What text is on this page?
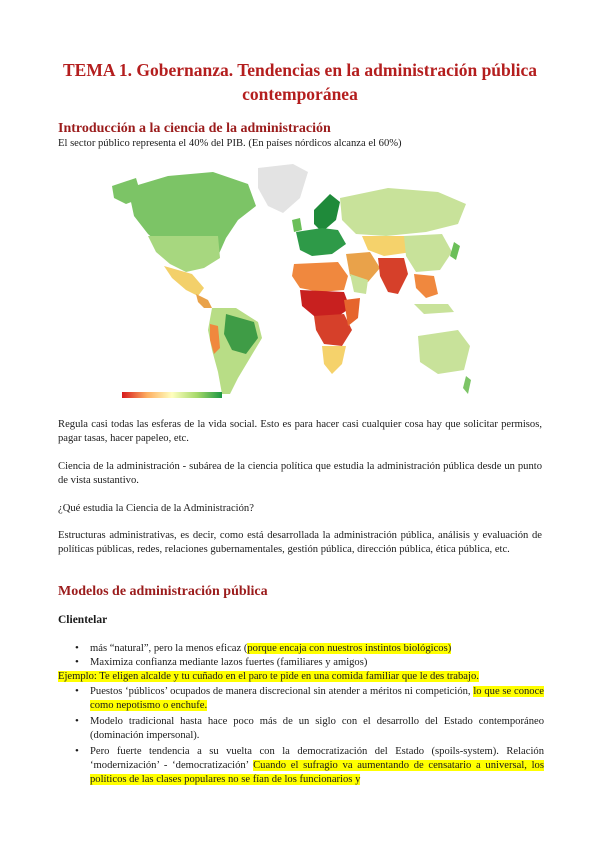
TEMA 1. Gobernanza. Tendencias en la administración pública contemporánea
Introducción a la ciencia de la administración
El sector público representa el 40% del PIB. (En países nórdicos alcanza el 60%)
Regula casi todas las esferas de la vida social. Esto es para hacer casi cualquier cosa hay que solicitar permisos, pagar tasas, hacer papeleo, etc.
Ciencia de la administración - subárea de la ciencia política que estudia la administración pública desde un punto de vista sustantivo.
¿Qué estudia la Ciencia de la Administración?
Estructuras administrativas, es decir, como está desarrollada la administración pública, análisis y evaluación de políticas públicas, redes, relaciones gubernamentales, gestión pública, dirección pública, ética pública, etc.
Modelos de administración pública
Clientelar
• más “natural”, pero la menos eficaz (porque encaja con nuestros instintos biológicos)
• Maximiza confianza mediante lazos fuertes (familiares y amigos)
Ejemplo: Te eligen alcalde y tu cuñado en el paro te pide en una comida familiar que le des trabajo.
• Puestos ‘públicos’ ocupados de manera discrecional sin atender a méritos ni competición, lo que se conoce como nepotismo o enchufe.
• Modelo tradicional hasta hace poco más de un siglo con el desarrollo del Estado contemporáneo (dominación impersonal).
• Pero fuerte tendencia a su vuelta con la democratización del Estado (spoils-system). Relación ‘modernización’ - ‘democratización’ Cuando el sufragio va aumentando de censatario a universal, los políticos de las clases populares no se fían de los funcionarios y
